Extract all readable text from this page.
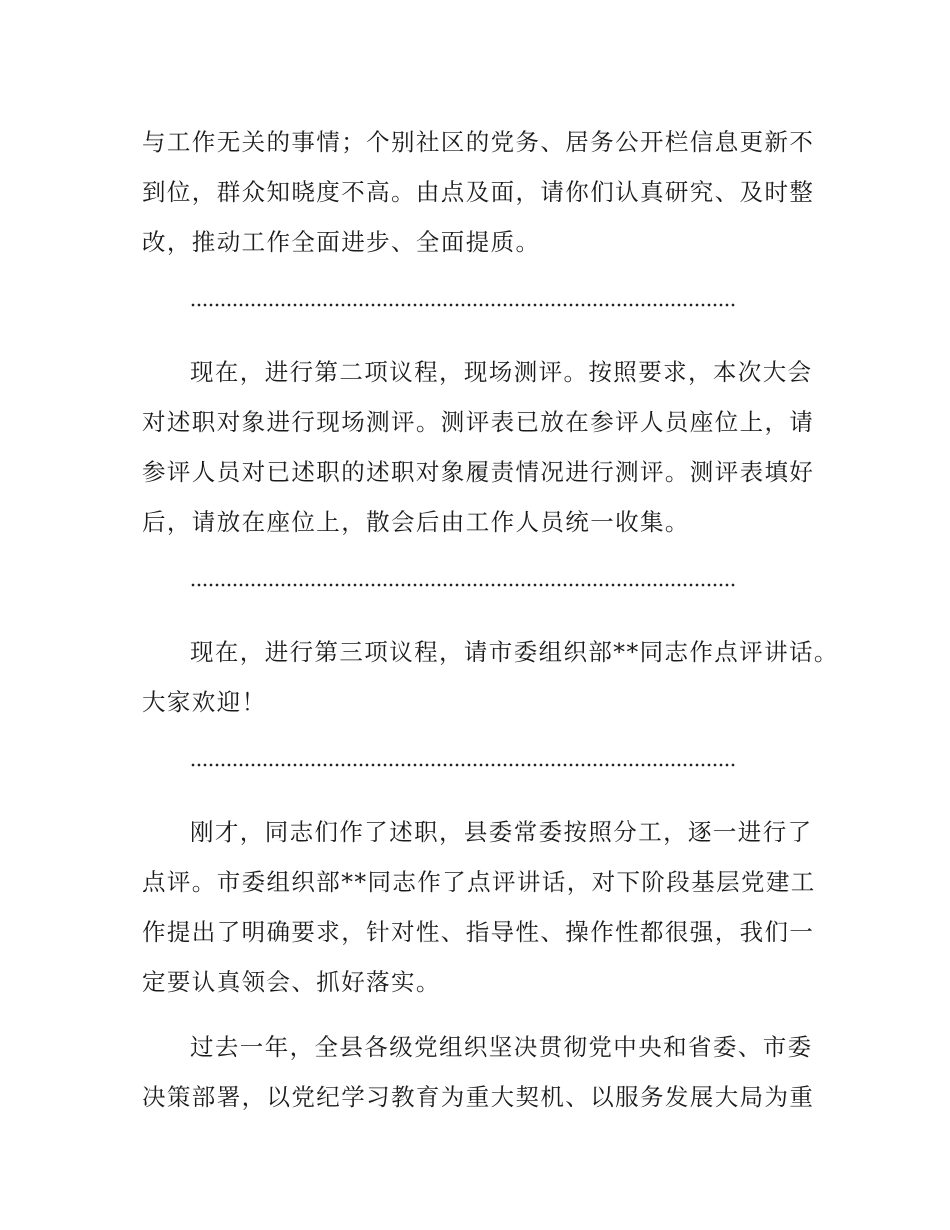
与工作无关的事情；个别社区的党务、居务公开栏信息更新不
到位，群众知晓度不高。由点及面，请你们认真研究、及时整
改，推动工作全面进步、全面提质。
现在，进行第二项议程，现场测评。按照要求，本次大会
对述职对象进行现场测评。测评表已放在参评人员座位上，请
参评人员对已述职的述职对象履责情况进行测评。测评表填好
后，请放在座位上，散会后由工作人员统一收集。
现在，进行第三项议程，请市委组织部**同志作点评讲话。
大家欢迎！
刚才，同志们作了述职，县委常委按照分工，逐一进行了
点评。市委组织部**同志作了点评讲话，对下阶段基层党建工
作提出了明确要求，针对性、指导性、操作性都很强，我们一
定要认真领会、抓好落实。
过去一年，全县各级党组织坚决贯彻党中央和省委、市委
决策部署，以党纪学习教育为重大契机、以服务发展大局为重
